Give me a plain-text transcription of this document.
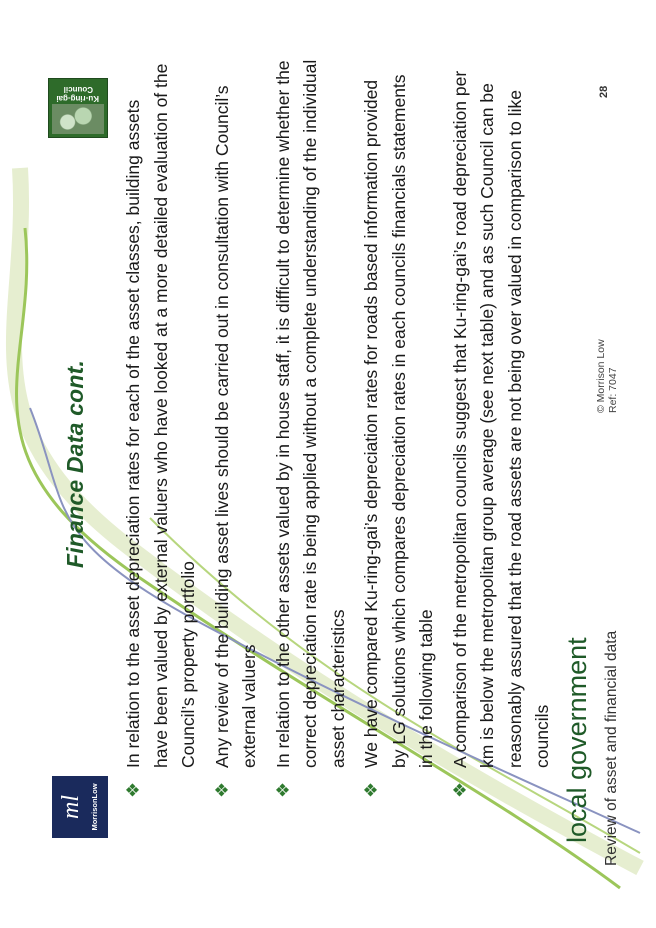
ml MorrisonLow
Finance Data cont.
Ku-ring-gai Council
❖
In relation to the asset depreciation rates for each of the asset classes, building assets have been valued by external valuers who have looked at a more detailed evaluation of the Council’s property portfolio
❖
Any review of the building asset lives should be carried out in consultation with Council’s external valuers
❖
In relation to the other assets valued by in house staff, it is difficult to determine whether the correct depreciation rate is being applied without a complete understanding of the individual asset characteristics
❖
We have compared Ku-ring-gai’s depreciation rates for roads based information provided by LG solutions which compares depreciation rates in each councils financials statements in the following table
❖
A comparison of the metropolitan councils suggest that Ku-ring-gai’s road depreciation per km is below the metropolitan group average (see next table) and as such Council can be reasonably assured that the road assets are not being over valued in comparison to like councils local government Review of asset and financial data
© Morrison Low Ref: 7047
28
